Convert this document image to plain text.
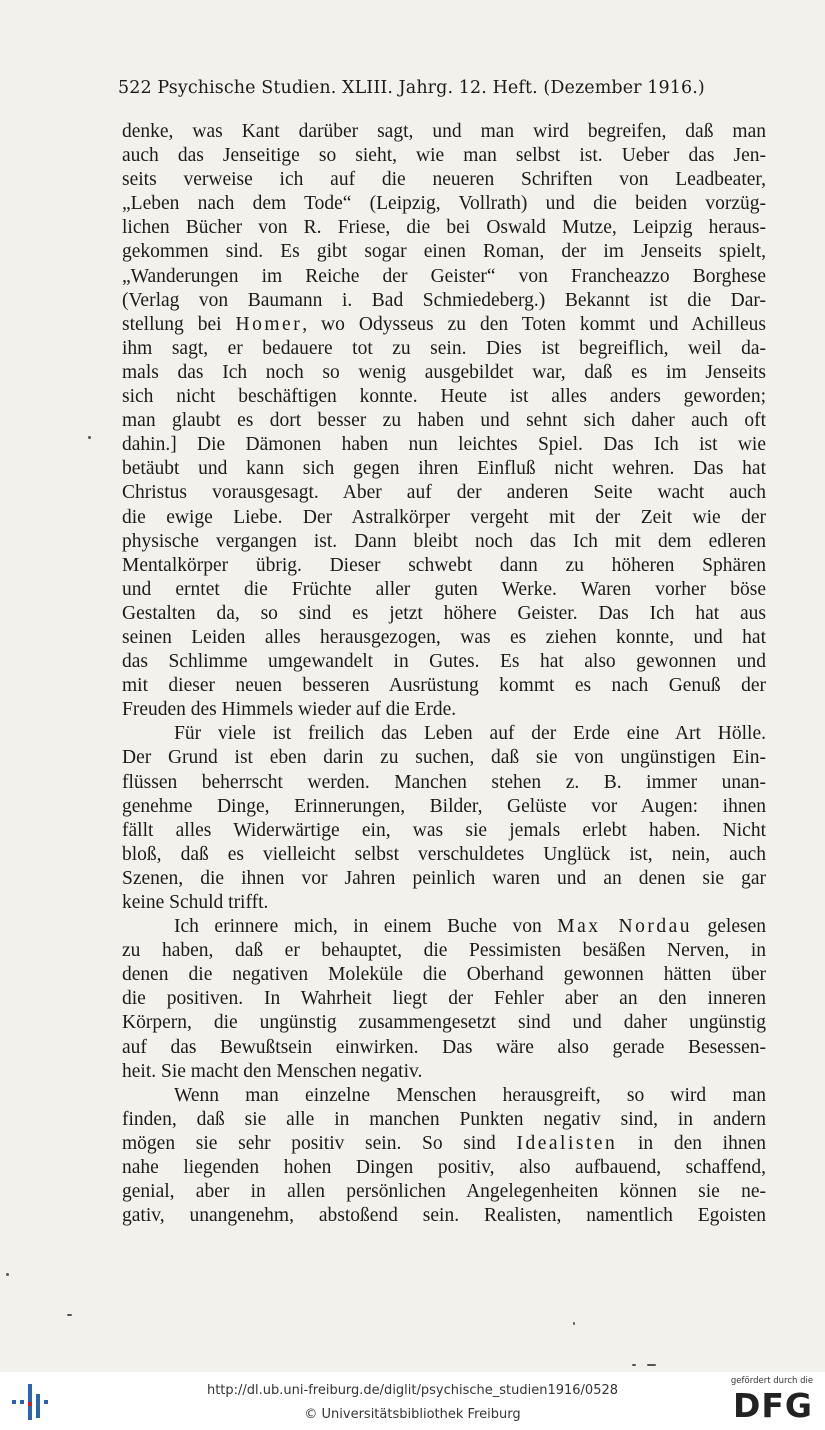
522 Psychische Studien. XLIII. Jahrg. 12. Heft. (Dezember 1916.)
denke, was Kant darüber sagt, und man wird begreifen, daß man
auch das Jenseitige so sieht, wie man selbst ist. Ueber das Jen-
seits verweise ich auf die neueren Schriften von Leadbeater,
„Leben nach dem Tode“ (Leipzig, Vollrath) und die beiden vorzüg-
lichen Bücher von R. Friese, die bei Oswald Mutze, Leipzig heraus-
gekommen sind. Es gibt sogar einen Roman, der im Jenseits spielt,
„Wanderungen im Reiche der Geister“ von Francheazzo Borghese
(Verlag von Baumann i. Bad Schmiedeberg.) Bekannt ist die Dar-
stellung bei Homer, wo Odysseus zu den Toten kommt und Achilleus
ihm sagt, er bedauere tot zu sein. Dies ist begreiflich, weil da-
mals das Ich noch so wenig ausgebildet war, daß es im Jenseits
sich nicht beschäftigen konnte. Heute ist alles anders geworden;
man glaubt es dort besser zu haben und sehnt sich daher auch oft
dahin.] Die Dämonen haben nun leichtes Spiel. Das Ich ist wie
betäubt und kann sich gegen ihren Einfluß nicht wehren. Das hat
Christus vorausgesagt. Aber auf der anderen Seite wacht auch
die ewige Liebe. Der Astralkörper vergeht mit der Zeit wie der
physische vergangen ist. Dann bleibt noch das Ich mit dem edleren
Mentalkörper übrig. Dieser schwebt dann zu höheren Sphären
und erntet die Früchte aller guten Werke. Waren vorher böse
Gestalten da, so sind es jetzt höhere Geister. Das Ich hat aus
seinen Leiden alles herausgezogen, was es ziehen konnte, und hat
das Schlimme umgewandelt in Gutes. Es hat also gewonnen und
mit dieser neuen besseren Ausrüstung kommt es nach Genuß der
Freuden des Himmels wieder auf die Erde.
Für viele ist freilich das Leben auf der Erde eine Art Hölle.
Der Grund ist eben darin zu suchen, daß sie von ungünstigen Ein-
flüssen beherrscht werden. Manchen stehen z. B. immer unan-
genehme Dinge, Erinnerungen, Bilder, Gelüste vor Augen: ihnen
fällt alles Widerwärtige ein, was sie jemals erlebt haben. Nicht
bloß, daß es vielleicht selbst verschuldetes Unglück ist, nein, auch
Szenen, die ihnen vor Jahren peinlich waren und an denen sie gar
keine Schuld trifft.
Ich erinnere mich, in einem Buche von Max Nordau gelesen
zu haben, daß er behauptet, die Pessimisten besäßen Nerven, in
denen die negativen Moleküle die Oberhand gewonnen hätten über
die positiven. In Wahrheit liegt der Fehler aber an den inneren
Körpern, die ungünstig zusammengesetzt sind und daher ungünstig
auf das Bewußtsein einwirken. Das wäre also gerade Besessen-
heit. Sie macht den Menschen negativ.
Wenn man einzelne Menschen herausgreift, so wird man
finden, daß sie alle in manchen Punkten negativ sind, in andern
mögen sie sehr positiv sein. So sind Idealisten in den ihnen
nahe liegenden hohen Dingen positiv, also aufbauend, schaffend,
genial, aber in allen persönlichen Angelegenheiten können sie ne-
gativ, unangenehm, abstoßend sein. Realisten, namentlich Egoisten
http://dl.ub.uni-freiburg.de/diglit/psychische_studien1916/0528
© Universitätsbibliothek Freiburg
gefördert durch die
DFG
